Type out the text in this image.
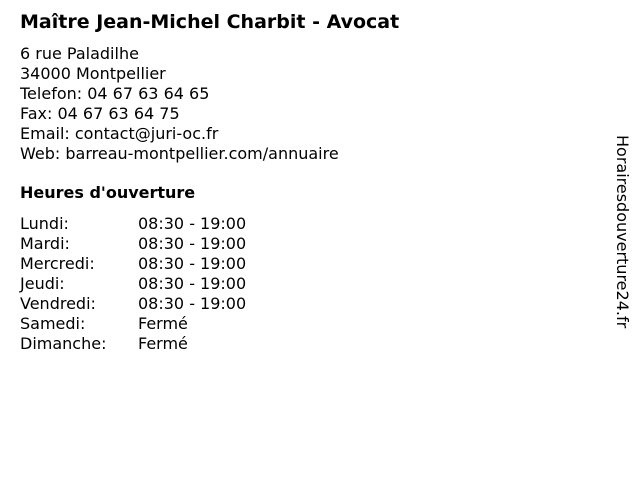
Maître Jean-Michel Charbit - Avocat
6 rue Paladilhe
34000 Montpellier
Telefon: 04 67 63 64 65
Fax: 04 67 63 64 75
Email: contact@juri-oc.fr
Web: barreau-montpellier.com/annuaire
Heures d'ouverture
Lundi:	08:30 - 19:00
Mardi:	08:30 - 19:00
Mercredi:	08:30 - 19:00
Jeudi:	08:30 - 19:00
Vendredi:	08:30 - 19:00
Samedi:	Fermé
Dimanche:	Fermé
Horairesdouverture24.fr
